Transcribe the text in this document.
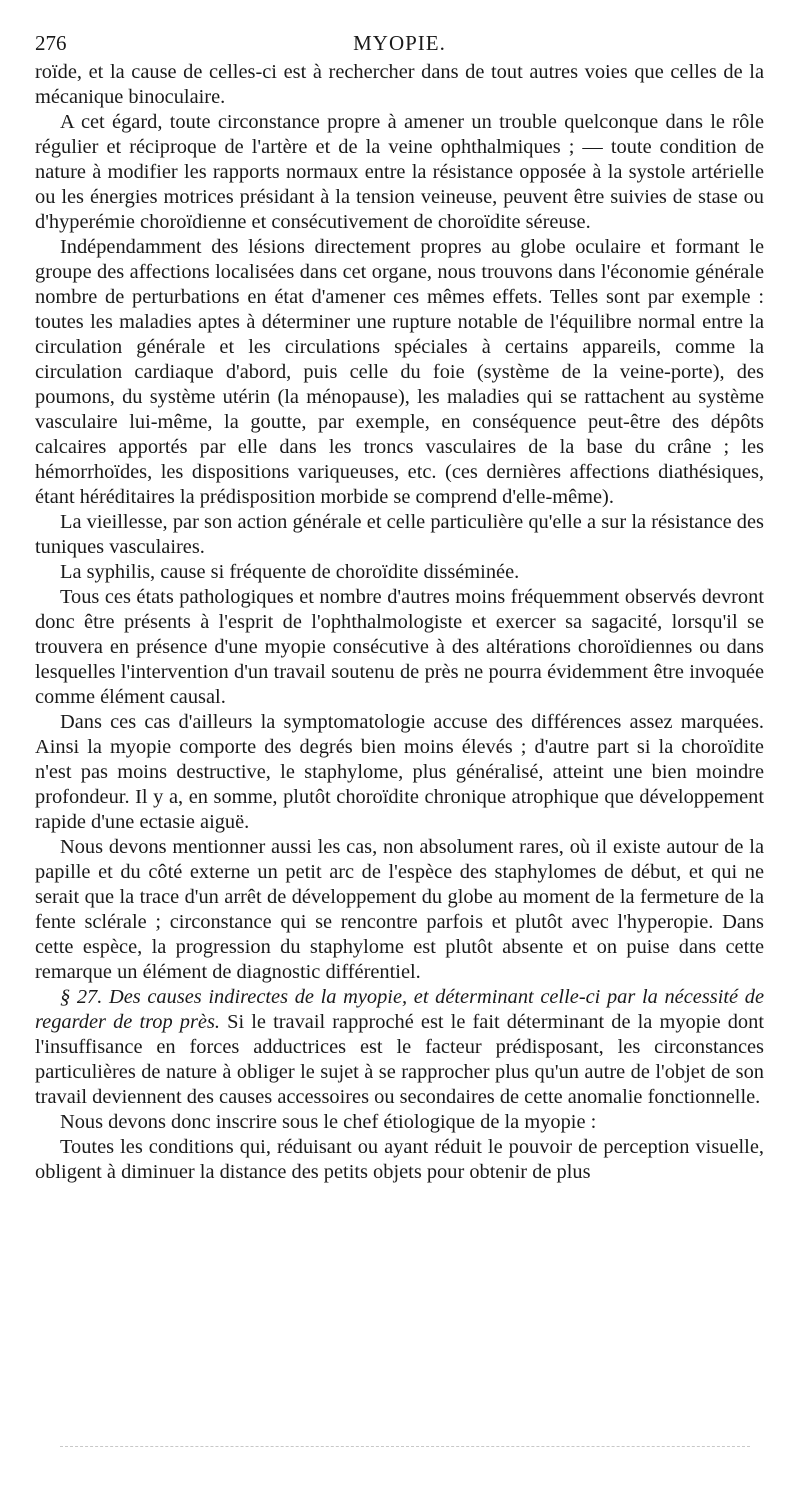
276	MYOPIE.

roïde, et la cause de celles-ci est à rechercher dans de tout autres voies que celles de la mécanique binoculaire.

A cet égard, toute circonstance propre à amener un trouble quelconque dans le rôle régulier et réciproque de l'artère et de la veine ophthalmiques ; — toute condition de nature à modifier les rapports normaux entre la résistance opposée à la systole artérielle ou les énergies motrices présidant à la tension veineuse, peuvent être suivies de stase ou d'hyperémie choroïdienne et consécutivement de choroïdite séreuse.

Indépendamment des lésions directement propres au globe oculaire et formant le groupe des affections localisées dans cet organe, nous trouvons dans l'économie générale nombre de perturbations en état d'amener ces mêmes effets. Telles sont par exemple : toutes les maladies aptes à déterminer une rupture notable de l'équilibre normal entre la circulation générale et les circulations spéciales à certains appareils, comme la circulation cardiaque d'abord, puis celle du foie (système de la veine-porte), des poumons, du système utérin (la ménopause), les maladies qui se rattachent au système vasculaire lui-même, la goutte, par exemple, en conséquence peut-être des dépôts calcaires apportés par elle dans les troncs vasculaires de la base du crâne ; les hémorrhoïdes, les dispositions variqueuses, etc. (ces dernières affections diathésiques, étant héréditaires la prédisposition morbide se comprend d'elle-même).

La vieillesse, par son action générale et celle particulière qu'elle a sur la résistance des tuniques vasculaires.

La syphilis, cause si fréquente de choroïdite disséminée.

Tous ces états pathologiques et nombre d'autres moins fréquemment observés devront donc être présents à l'esprit de l'ophthalmologiste et exercer sa sagacité, lorsqu'il se trouvera en présence d'une myopie consécutive à des altérations choroïdiennes ou dans lesquelles l'intervention d'un travail soutenu de près ne pourra évidemment être invoquée comme élément causal.

Dans ces cas d'ailleurs la symptomatologie accuse des différences assez marquées. Ainsi la myopie comporte des degrés bien moins élevés ; d'autre part si la choroïdite n'est pas moins destructive, le staphylome, plus généralisé, atteint une bien moindre profondeur. Il y a, en somme, plutôt choroïdite chronique atrophique que développement rapide d'une ectasie aiguë.

Nous devons mentionner aussi les cas, non absolument rares, où il existe autour de la papille et du côté externe un petit arc de l'espèce des staphylomes de début, et qui ne serait que la trace d'un arrêt de développement du globe au moment de la fermeture de la fente sclérale ; circonstance qui se rencontre parfois et plutôt avec l'hyperopie. Dans cette espèce, la progression du staphylome est plutôt absente et on puise dans cette remarque un élément de diagnostic différentiel.

§ 27. Des causes indirectes de la myopie, et déterminant celle-ci par la nécessité de regarder de trop près. Si le travail rapproché est le fait déterminant de la myopie dont l'insuffisance en forces adductrices est le facteur prédisposant, les circonstances particulières de nature à obliger le sujet à se rapprocher plus qu'un autre de l'objet de son travail deviennent des causes accessoires ou secondaires de cette anomalie fonctionnelle.

Nous devons donc inscrire sous le chef étiologique de la myopie :

Toutes les conditions qui, réduisant ou ayant réduit le pouvoir de perception visuelle, obligent à diminuer la distance des petits objets pour obtenir de plus
